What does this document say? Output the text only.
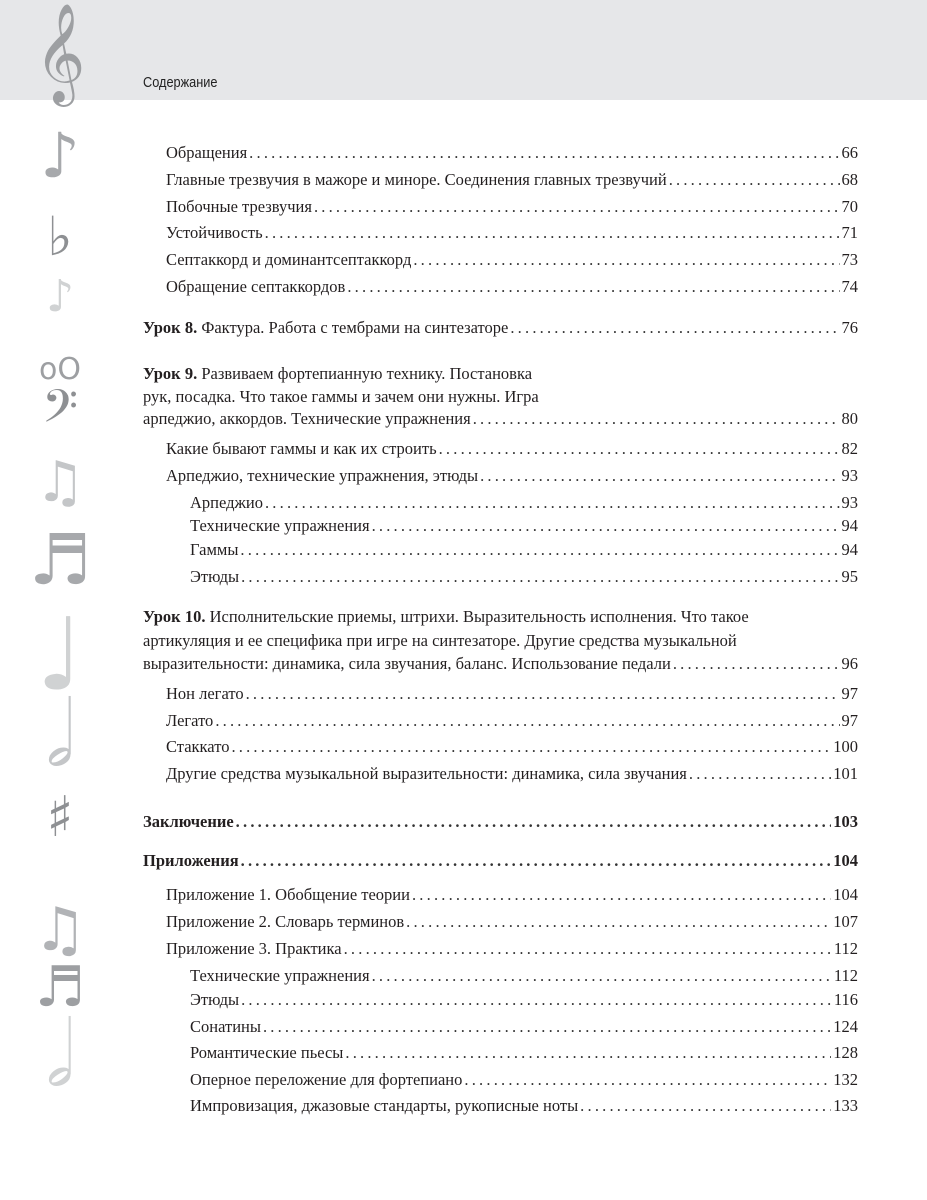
Содержание
𝄞
♪
♭
♪
oO
𝄢
♫
♬
♩
𝅗𝅥
♯
♫
♬
𝅗𝅥
Обращения .....	66
Главные трезвучия в мажоре и миноре. Соединения главных трезвучий .....	68
Побочные трезвучия .....	70
Устойчивость .....	71
Септаккорд и доминантсептаккорд .....	73
Обращение септаккордов .....	74
Урок 8. Фактура. Работа с тембрами на синтезаторе .....	76
Урок 9. Развиваем фортепианную технику. Постановка
рук, посадка. Что такое гаммы и зачем они нужны. Игра
арпеджио, аккордов. Технические упражнения .....	80
Какие бывают гаммы и как их строить .....	82
Арпеджио, технические упражнения, этюды .....	93
Арпеджио .....	93
Технические упражнения .....	94
Гаммы .....	94
Этюды .....	95
Урок 10. Исполнительские приемы, штрихи. Выразительность исполнения. Что такое
артикуляция и ее специфика при игре на синтезаторе. Другие средства музыкальной
выразительности: динамика, сила звучания, баланс. Использование педали .....	96
Нон легато .....	97
Легато .....	97
Стаккато .....	100
Другие средства музыкальной выразительности: динамика, сила звучания .....	101
Заключение .....	103
Приложения .....	104
Приложение 1. Обобщение теории .....	104
Приложение 2. Словарь терминов .....	107
Приложение 3. Практика .....	112
Технические упражнения .....	112
Этюды .....	116
Сонатины .....	124
Романтические пьесы .....	128
Оперное переложение для фортепиано .....	132
Импровизация, джазовые стандарты, рукописные ноты .....	133
